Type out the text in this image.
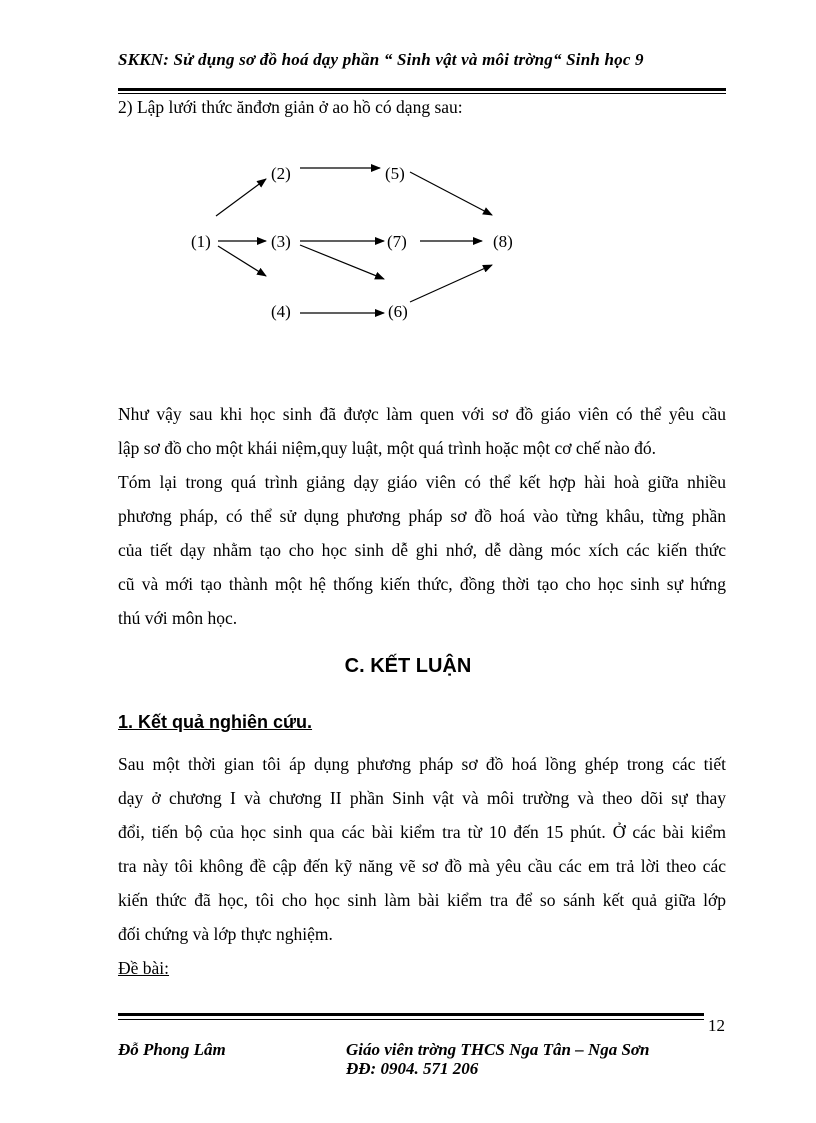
SKKN: Sử dụng sơ đồ hoá dạy phần “ Sinh vật và môi trờng“ Sinh học 9
2) Lập lưới thức ănđơn giản ở ao hồ có dạng sau:
(1)
(2)
(3)
(4)
(5)
(6)
(7)	(8)
Như vậy sau khi học sinh đã được làm quen với sơ đồ giáo viên có thể yêu cầu
lập sơ đồ cho một khái niệm,quy luật, một quá trình hoặc một cơ chế nào đó.
Tóm lại trong quá trình giảng dạy giáo viên có thể kết hợp hài hoà giữa nhiều
phương pháp, có thể sử dụng phương pháp sơ đồ hoá vào từng khâu, từng phần
của tiết dạy nhằm tạo cho học sinh dễ ghi nhớ, dễ dàng móc xích các kiến thức
cũ và mới tạo thành một hệ thống kiến thức, đồng thời tạo cho học sinh sự hứng
thú với môn học.
C. KẾT LUẬN
1. Kết quả nghiên cứu.
Sau một thời gian tôi áp dụng phương pháp sơ đồ hoá lồng ghép trong các tiết
dạy ở chương I và chương II phần Sinh vật và môi trường và theo dõi sự thay
đổi, tiến bộ của học sinh qua các bài kiểm tra từ 10 đến 15 phút. Ở các bài kiểm
tra này tôi không đề cập đến kỹ năng vẽ sơ đồ mà yêu cầu các em trả lời theo các
kiến thức đã học, tôi cho học sinh làm bài kiểm tra để so sánh kết quả giữa lớp
đối chứng và lớp thực nghiệm.
Đề bài:
12
Đỗ Phong Lâm	Giáo viên trờng THCS Nga Tân – Nga Sơn
ĐĐ: 0904. 571 206
